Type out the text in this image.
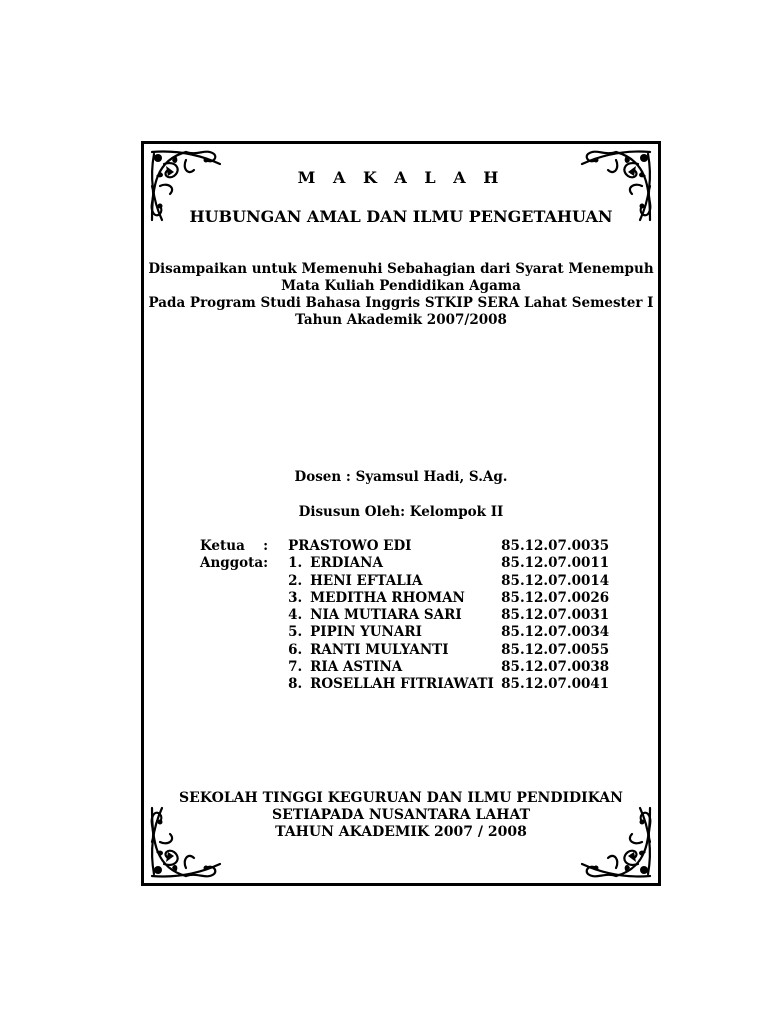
M A K A L A H
HUBUNGAN AMAL DAN ILMU PENGETAHUAN
Disampaikan untuk Memenuhi Sebahagian dari Syarat Menempuh
Mata Kuliah Pendidikan Agama
Pada Program Studi Bahasa Inggris STKIP SERA Lahat Semester I
Tahun Akademik 2007/2008
Dosen : Syamsul Hadi, S.Ag.
Disusun Oleh: Kelompok II
Ketua	:		PRASTOWO EDI	85.12.07.0035
Anggota	:	1.	ERDIANA	85.12.07.0011
		2.	HENI EFTALIA	85.12.07.0014
		3.	MEDITHA RHOMAN	85.12.07.0026
		4.	NIA MUTIARA SARI	85.12.07.0031
		5.	PIPIN YUNARI	85.12.07.0034
		6.	RANTI MULYANTI	85.12.07.0055
		7.	RIA ASTINA	85.12.07.0038
		8.	ROSELLAH FITRIAWATI	85.12.07.0041
SEKOLAH TINGGI KEGURUAN DAN ILMU PENDIDIKAN
SETIAPADA NUSANTARA LAHAT
TAHUN AKADEMIK 2007 / 2008
